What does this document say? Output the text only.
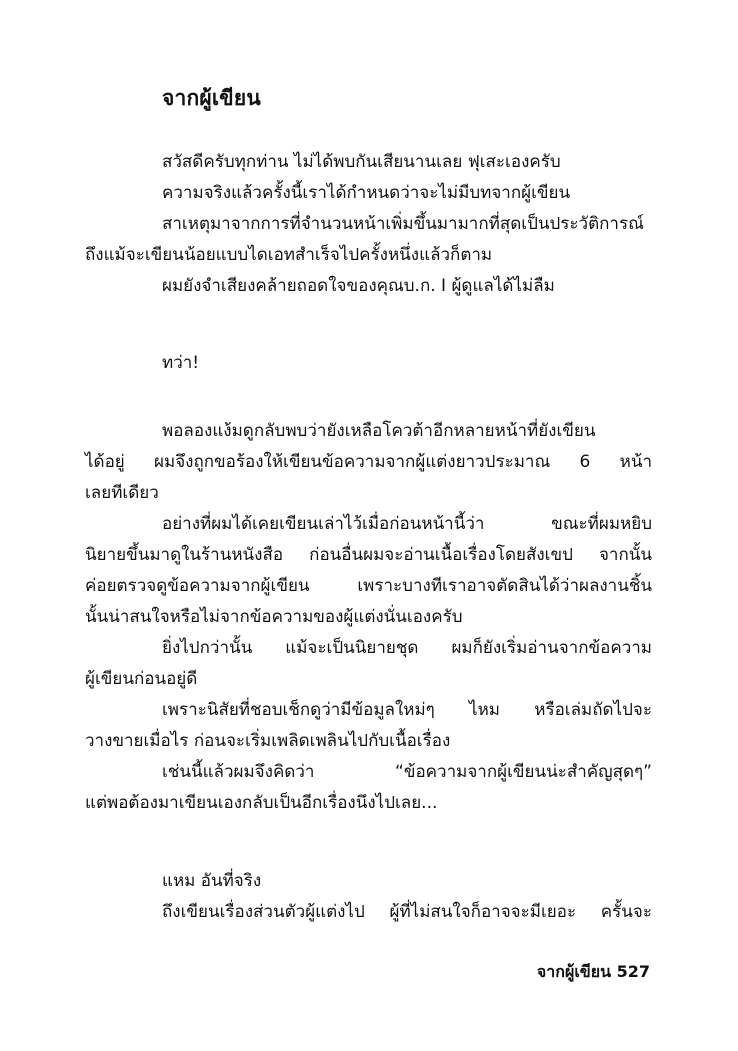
จากผู้เขียน
สวัสดีครับทุกท่าน ไม่ได้พบกันเสียนานเลย ฟุเสะเองครับ
ความจริงแล้วครั้งนี้เราได้กำหนดว่าจะไม่มีบทจากผู้เขียน
สาเหตุมาจากการที่จำนวนหน้าเพิ่มขึ้นมามากที่สุดเป็นประวัติการณ์
ถึงแม้จะเขียนน้อยแบบไดเอทสำเร็จไปครั้งหนึ่งแล้วก็ตาม
ผมยังจำเสียงคล้ายถอดใจของคุณบ.ก. I ผู้ดูแลได้ไม่ลืม
ทว่า!
พอลองแง้มดูกลับพบว่ายังเหลือโควต้าอีกหลายหน้าที่ยังเขียน
ได้อยู่ ผมจึงถูกขอร้องให้เขียนข้อความจากผู้แต่งยาวประมาณ 6 หน้า
เลยทีเดียว
อย่างที่ผมได้เคยเขียนเล่าไว้เมื่อก่อนหน้านี้ว่า ขณะที่ผมหยิบ
นิยายขึ้นมาดูในร้านหนังสือ ก่อนอื่นผมจะอ่านเนื้อเรื่องโดยสังเขป จากนั้น
ค่อยตรวจดูข้อความจากผู้เขียน เพราะบางทีเราอาจตัดสินได้ว่าผลงานชิ้น
นั้นน่าสนใจหรือไม่จากข้อความของผู้แต่งนั่นเองครับ
ยิ่งไปกว่านั้น แม้จะเป็นนิยายชุด ผมก็ยังเริ่มอ่านจากข้อความ
ผู้เขียนก่อนอยู่ดี
เพราะนิสัยที่ชอบเช็กดูว่ามีข้อมูลใหม่ๆ ไหม หรือเล่มถัดไปจะ
วางขายเมื่อไร ก่อนจะเริ่มเพลิดเพลินไปกับเนื้อเรื่อง
เช่นนี้แล้วผมจึงคิดว่า “ข้อความจากผู้เขียนน่ะสำคัญสุดๆ”
แต่พอต้องมาเขียนเองกลับเป็นอีกเรื่องนึงไปเลย...
แหม อันที่จริง
ถึงเขียนเรื่องส่วนตัวผู้แต่งไป ผู้ที่ไม่สนใจก็อาจจะมีเยอะ ครั้นจะ
จากผู้เขียน 527
